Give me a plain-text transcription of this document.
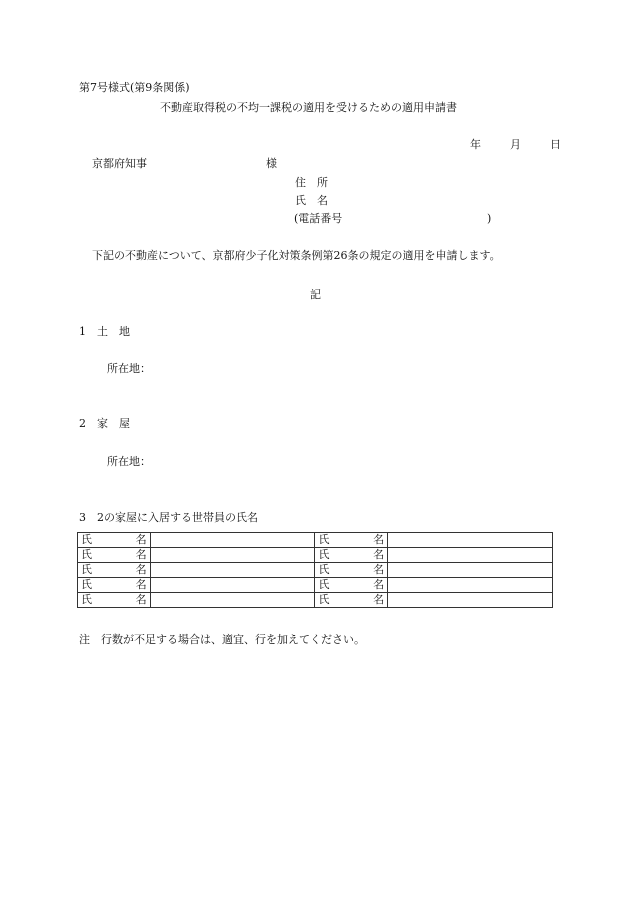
第7号様式(第9条関係)
不動産取得税の不均一課税の適用を受けるための適用申請書
年	月	日
京都府知事	様
住　所
氏　名
(電話番号	)
下記の不動産について、京都府少子化対策条例第26条の規定の適用を申請します。
記
1　土　地
所在地：
2　家　屋
所在地：
3　2の家屋に入居する世帯員の氏名
氏 名		氏 名	

氏 名		氏 名	

氏 名		氏 名	

氏 名		氏 名	

氏 名		氏 名	

注　行数が不足する場合は、適宜、行を加えてください。
